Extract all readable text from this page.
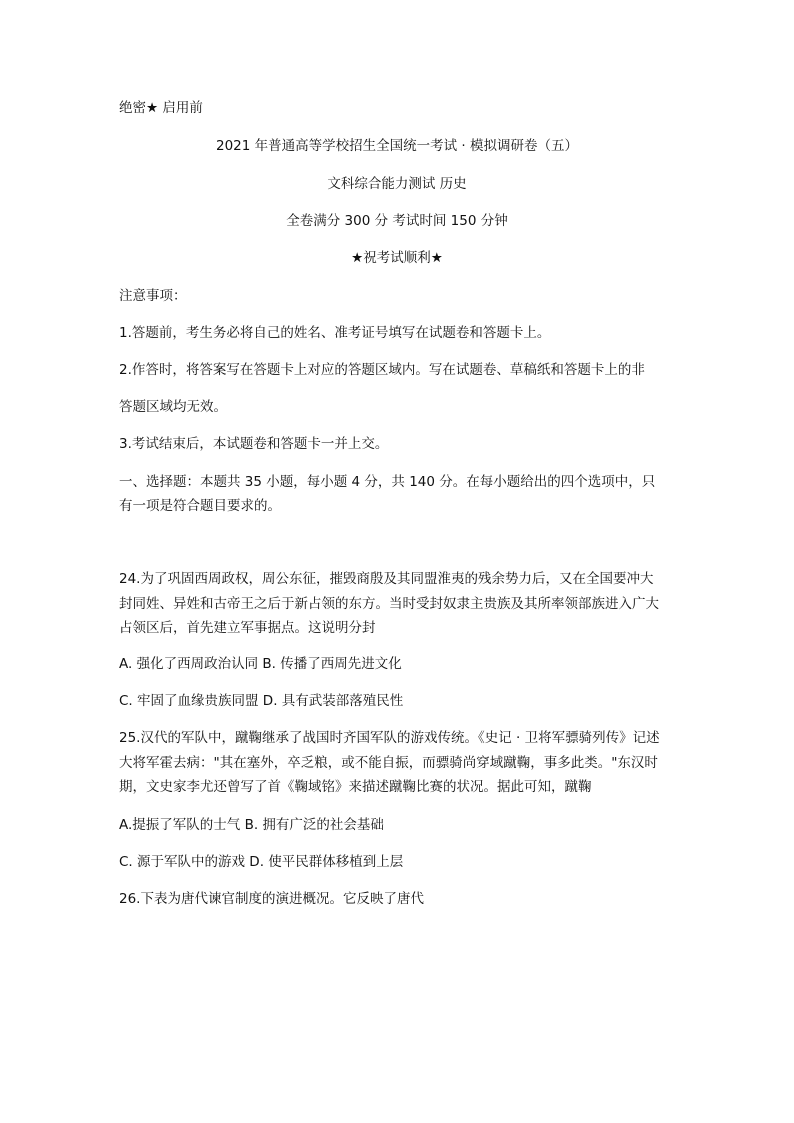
绝密★ 启用前
2021 年普通高等学校招生全国统一考试 · 模拟调研卷（五）
文科综合能力测试 历史
全卷满分 300 分 考试时间 150 分钟
★祝考试顺利★
注意事项：
1.答题前，考生务必将自己的姓名、准考证号填写在试题卷和答题卡上。
2.作答时，将答案写在答题卡上对应的答题区域内。写在试题卷、草稿纸和答题卡上的非
答题区域均无效。
3.考试结束后，本试题卷和答题卡一并上交。
一、选择题：本题共 35 小题，每小题 4 分，共 140 分。在每小题给出的四个选项中，只
有一项是符合题目要求的。
24.为了巩固西周政权，周公东征，摧毁商殷及其同盟淮夷的残余势力后，又在全国要冲大
封同姓、异姓和古帝王之后于新占领的东方。当时受封奴隶主贵族及其所率领部族进入广大
占领区后，首先建立军事据点。这说明分封
A. 强化了西周政治认同 B. 传播了西周先进文化
C. 牢固了血缘贵族同盟 D. 具有武装部落殖民性
25.汉代的军队中，蹴鞠继承了战国时齐国军队的游戏传统。《史记 · 卫将军骠骑列传》记述
大将军霍去病："其在塞外，卒乏粮，或不能自振，而骠骑尚穿域蹴鞠，事多此类。"东汉时
期，文史家李尤还曾写了首《鞠域铭》来描述蹴鞠比赛的状况。据此可知，蹴鞠
A.提振了军队的士气 B. 拥有广泛的社会基础
C. 源于军队中的游戏 D. 使平民群体移植到上层
26.下表为唐代谏官制度的演进概况。它反映了唐代
